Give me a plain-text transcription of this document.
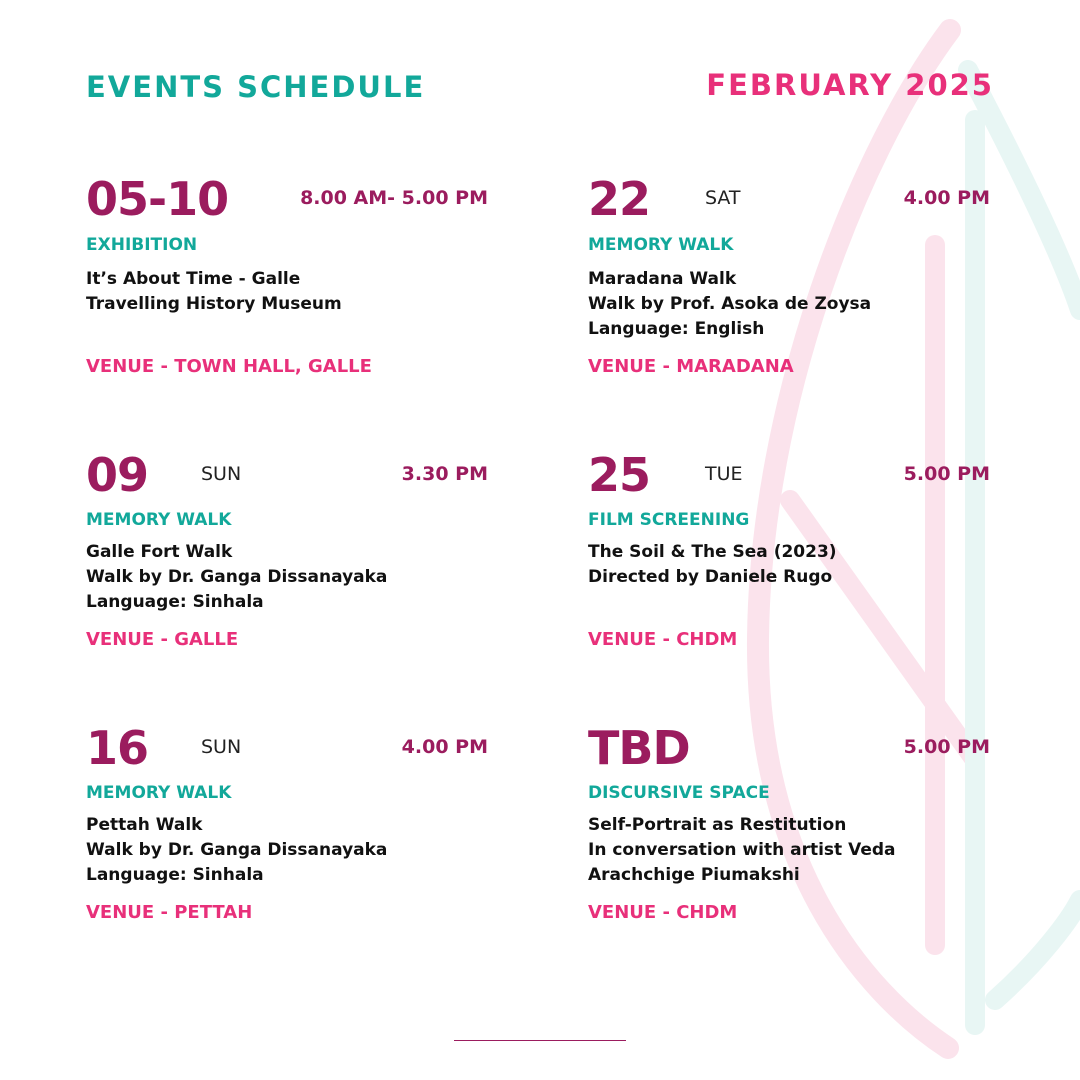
EVENTS SCHEDULE	FEBRUARY 2025
05-10	8.00 AM- 5.00 PM
EXHIBITION
It’s About Time - Galle
Travelling History Museum
VENUE - TOWN HALL, GALLE
22	SAT	4.00 PM
MEMORY WALK
Maradana Walk
Walk by Prof. Asoka de Zoysa
Language: English
VENUE - MARADANA
09	SUN	3.30 PM
MEMORY WALK
Galle Fort Walk
Walk by Dr. Ganga Dissanayaka
Language: Sinhala
VENUE - GALLE
25	TUE	5.00 PM
FILM SCREENING
The Soil & The Sea (2023)
Directed by Daniele Rugo
VENUE - CHDM
16	SUN	4.00 PM
MEMORY WALK
Pettah Walk
Walk by Dr. Ganga Dissanayaka
Language: Sinhala
VENUE - PETTAH
TBD	5.00 PM
DISCURSIVE SPACE
Self-Portrait as Restitution
In conversation with artist Veda
Arachchige Piumakshi
VENUE - CHDM
